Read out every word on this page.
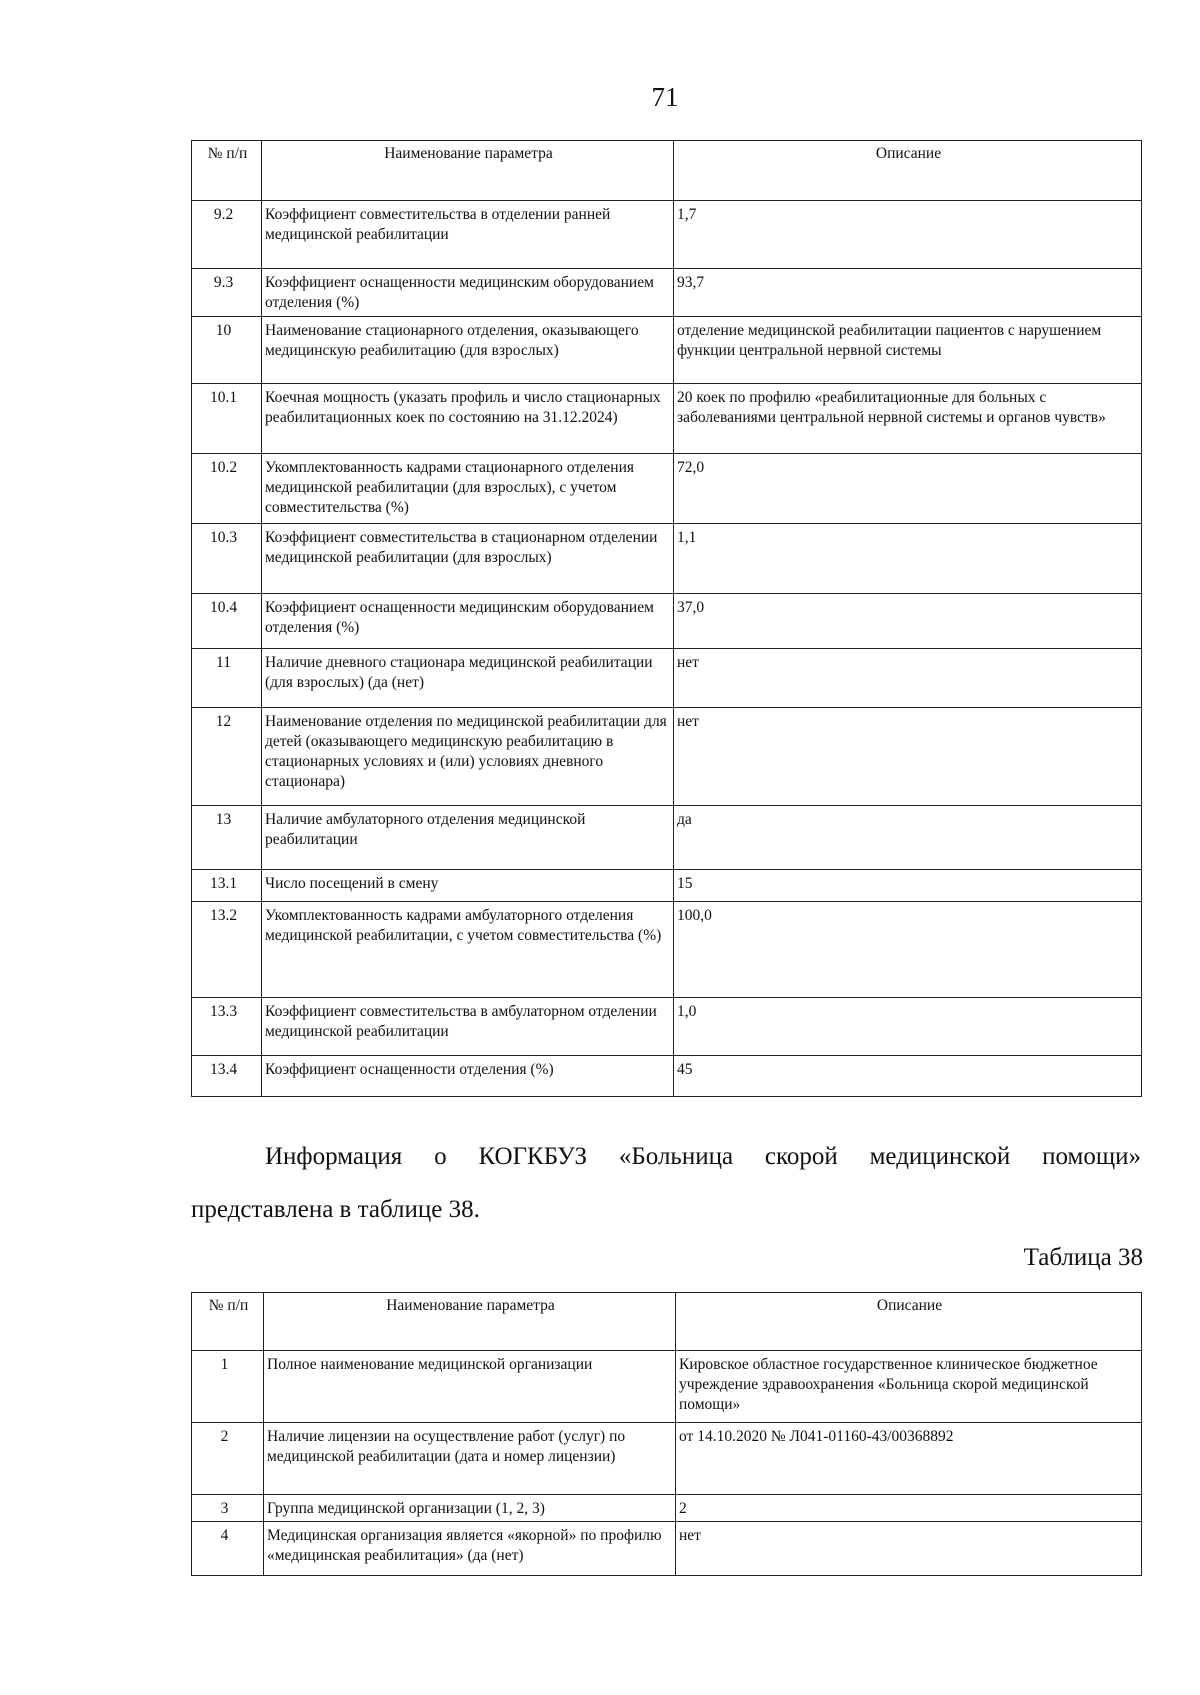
71
№ п/п	Наименование параметра	Описание
9.2	Коэффициент совместительства в отделении ранней медицинской реабилитации	1,7
9.3	Коэффициент оснащенности медицинским оборудованием отделения (%)	93,7
10	Наименование стационарного отделения, оказывающего медицинскую реабилитацию (для взрослых)	отделение медицинской реабилитации пациентов с нарушением функции центральной нервной системы
10.1	Коечная мощность (указать профиль и число стационарных реабилитационных коек по состоянию на 31.12.2024)	20 коек по профилю «реабилитационные для больных с заболеваниями центральной нервной системы и органов чувств»
10.2	Укомплектованность кадрами стационарного отделения медицинской реабилитации (для взрослых), с учетом совместительства (%)	72,0
10.3	Коэффициент совместительства в стационарном отделении медицинской реабилитации (для взрослых)	1,1
10.4	Коэффициент оснащенности медицинским оборудованием отделения (%)	37,0
11	Наличие дневного стационара медицинской реабилитации (для взрослых) (да (нет)	нет
12	Наименование отделения по медицинской реабилитации для детей (оказывающего медицинскую реабилитацию в стационарных условиях и (или) условиях дневного стационара)	нет
13	Наличие амбулаторного отделения медицинской реабилитации	да
13.1	Число посещений в смену	15
13.2	Укомплектованность кадрами амбулаторного отделения медицинской реабилитации, с учетом совместительства (%)	100,0
13.3	Коэффициент совместительства в амбулаторном отделении медицинской реабилитации	1,0
13.4	Коэффициент оснащенности отделения (%)	45
Информация о КОГКБУЗ «Больница скорой медицинской помощи»
представлена в таблице 38.
Таблица 38
№ п/п	Наименование параметра	Описание
1	Полное наименование медицинской организации	Кировское областное государственное клиническое бюджетное учреждение здравоохранения «Больница скорой медицинской помощи»
2	Наличие лицензии на осуществление работ (услуг) по медицинской реабилитации (дата и номер лицензии)	от 14.10.2020 № Л041-01160-43/00368892
3	Группа медицинской организации (1, 2, 3)	2
4	Медицинская организация является «якорной» по профилю «медицинская реабилитация» (да (нет)	нет
